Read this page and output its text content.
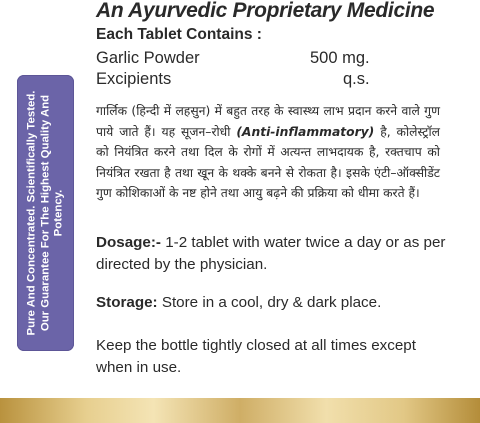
An Ayurvedic Proprietary Medicine
Each Tablet Contains :
Garlic Powder	500 mg.
Excipients	q.s.
Pure And Concentrated. Scientifically Tested. Our Guarantee For The Highest Quality And Potency.
गार्लिक (हिन्दी में लहसुन) में बहुत तरह के स्वास्थ्य लाभ प्रदान करने वाले गुण पाये जाते हैं। यह सूजन–रोधी (Anti-inflammatory) है, कोलेस्ट्रॉल को नियंत्रित करने तथा दिल के रोगों में अत्यन्त लाभदायक है, रक्तचाप को नियंत्रित रखता है तथा खून के थक्के बनने से रोकता है। इसके एंटी–ऑक्सीडेंट गुण कोशिकाओं के नष्ट होने तथा आयु बढ़ने की प्रक्रिया को धीमा करते हैं।
Dosage:- 1-2 tablet with water twice a day or as per directed by the physician.
Storage: Store in a cool, dry & dark place.
Keep the bottle tightly closed at all times except when in use.
